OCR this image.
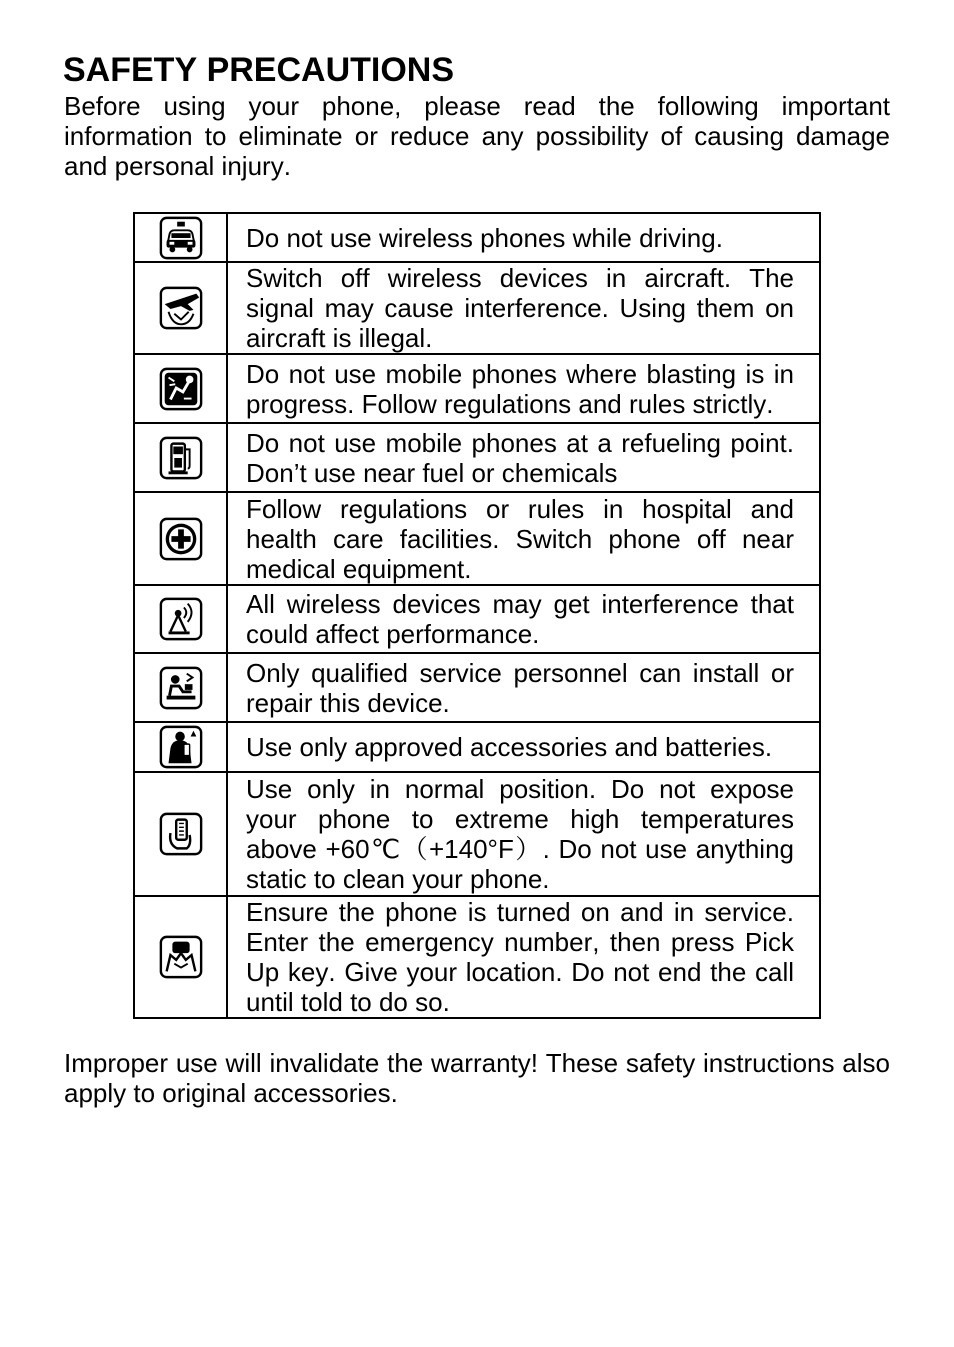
SAFETY PRECAUTIONS

Before using your phone, please read the following important information to eliminate or reduce any possibility of causing damage and personal injury.

Do not use wireless phones while driving.
Switch off wireless devices in aircraft. The signal may cause interference. Using them on aircraft is illegal.
Do not use mobile phones where blasting is in progress. Follow regulations and rules strictly.
Do not use mobile phones at a refueling point. Don’t use near fuel or chemicals
Follow regulations or rules in hospital and health care facilities. Switch phone off near medical equipment.
All wireless devices may get interference that could affect performance.
Only qualified service personnel can install or repair this device.
Use only approved accessories and batteries.
Use only in normal position. Do not expose your phone to extreme high temperatures above +60℃（+140°F）. Do not use anything static to clean your phone.
Ensure the phone is turned on and in service. Enter the emergency number, then press Pick Up key. Give your location. Do not end the call until told to do so.

Improper use will invalidate the warranty! These safety instructions also apply to original accessories.
